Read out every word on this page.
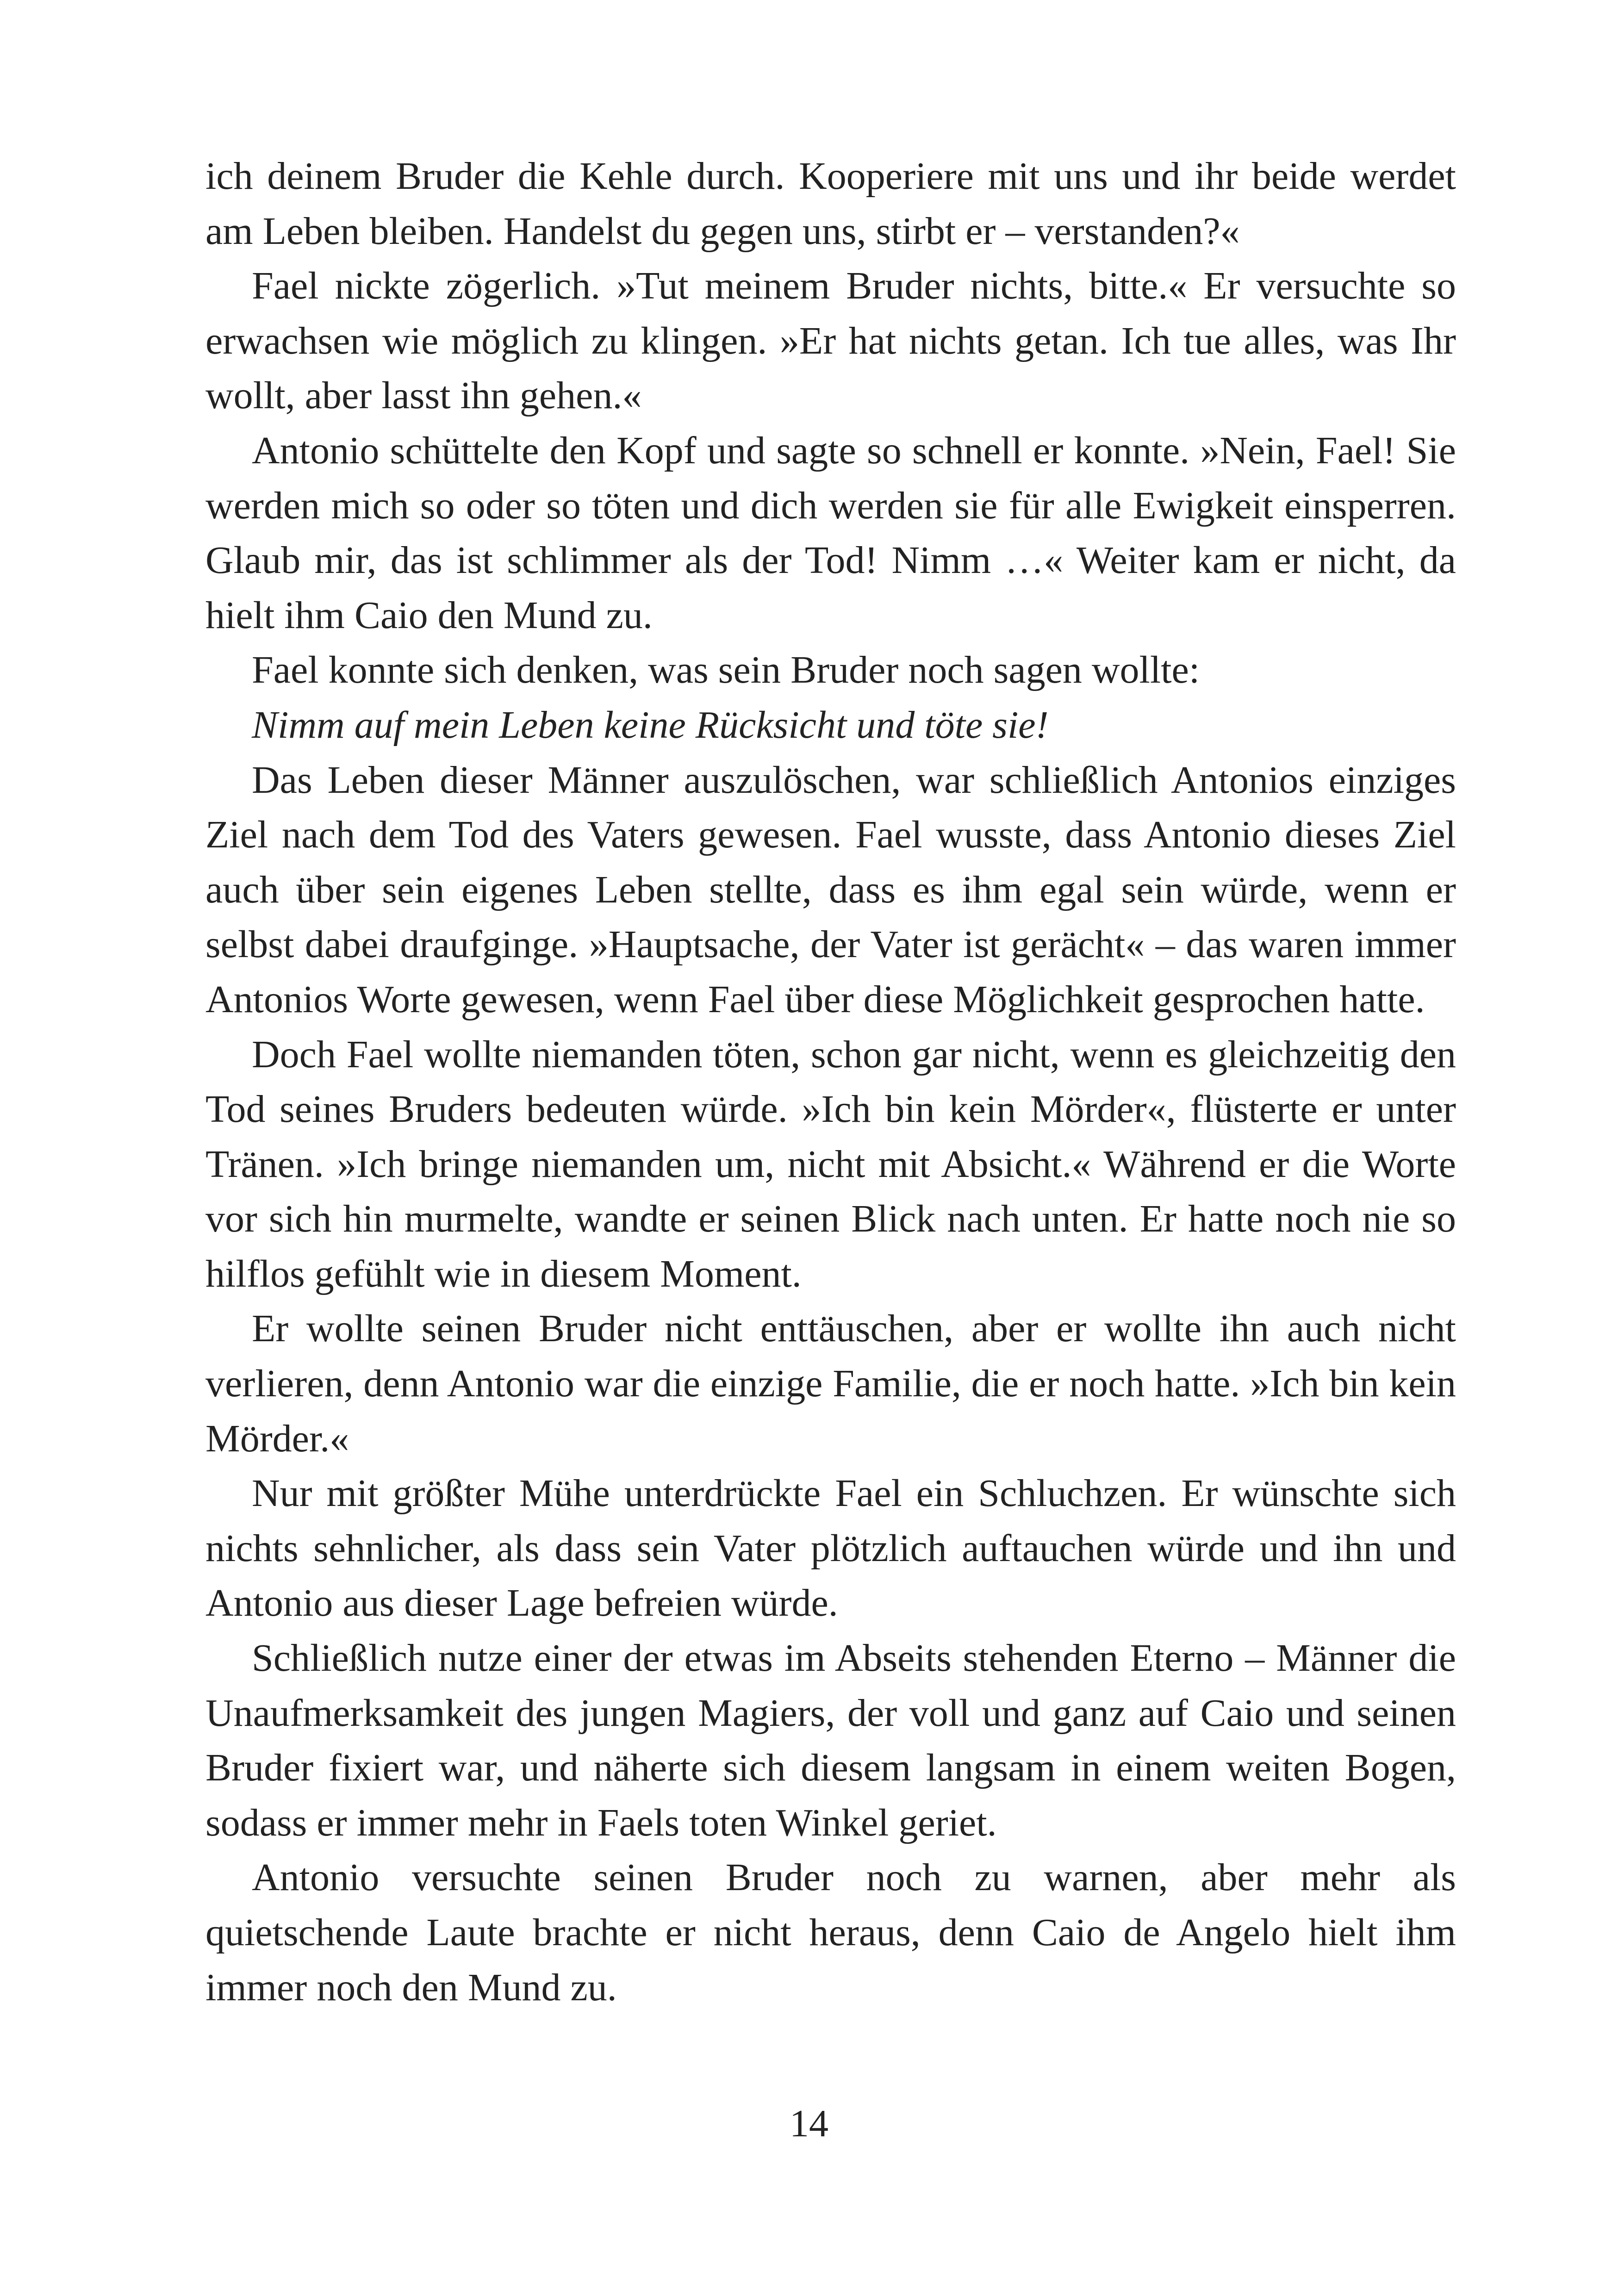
ich deinem Bruder die Kehle durch. Kooperiere mit uns und ihr beide werdet am Leben bleiben. Handelst du gegen uns, stirbt er – verstanden?«

Fael nickte zögerlich. »Tut meinem Bruder nichts, bitte.« Er versuchte so erwachsen wie möglich zu klingen. »Er hat nichts getan. Ich tue alles, was Ihr wollt, aber lasst ihn gehen.«

Antonio schüttelte den Kopf und sagte so schnell er konnte. »Nein, Fael! Sie werden mich so oder so töten und dich werden sie für alle Ewigkeit einsperren. Glaub mir, das ist schlimmer als der Tod! Nimm …« Weiter kam er nicht, da hielt ihm Caio den Mund zu.

Fael konnte sich denken, was sein Bruder noch sagen wollte:

Nimm auf mein Leben keine Rücksicht und töte sie!

Das Leben dieser Männer auszulöschen, war schließlich Antonios einziges Ziel nach dem Tod des Vaters gewesen. Fael wusste, dass Antonio dieses Ziel auch über sein eigenes Leben stellte, dass es ihm egal sein würde, wenn er selbst dabei draufginge. »Hauptsache, der Vater ist gerächt« – das waren immer Antonios Worte gewesen, wenn Fael über diese Möglichkeit gesprochen hatte.

Doch Fael wollte niemanden töten, schon gar nicht, wenn es gleichzeitig den Tod seines Bruders bedeuten würde. »Ich bin kein Mörder«, flüsterte er unter Tränen. »Ich bringe niemanden um, nicht mit Absicht.« Während er die Worte vor sich hin murmelte, wandte er seinen Blick nach unten. Er hatte noch nie so hilflos gefühlt wie in diesem Moment.

Er wollte seinen Bruder nicht enttäuschen, aber er wollte ihn auch nicht verlieren, denn Antonio war die einzige Familie, die er noch hatte. »Ich bin kein Mörder.«

Nur mit größter Mühe unterdrückte Fael ein Schluchzen. Er wünschte sich nichts sehnlicher, als dass sein Vater plötzlich auftauchen würde und ihn und Antonio aus dieser Lage befreien würde.

Schließlich nutze einer der etwas im Abseits stehenden Eterno – Männer die Unaufmerksamkeit des jungen Magiers, der voll und ganz auf Caio und seinen Bruder fixiert war, und näherte sich diesem langsam in einem weiten Bogen, sodass er immer mehr in Faels toten Winkel geriet.

Antonio versuchte seinen Bruder noch zu warnen, aber mehr als quietschende Laute brachte er nicht heraus, denn Caio de Angelo hielt ihm immer noch den Mund zu.

14
